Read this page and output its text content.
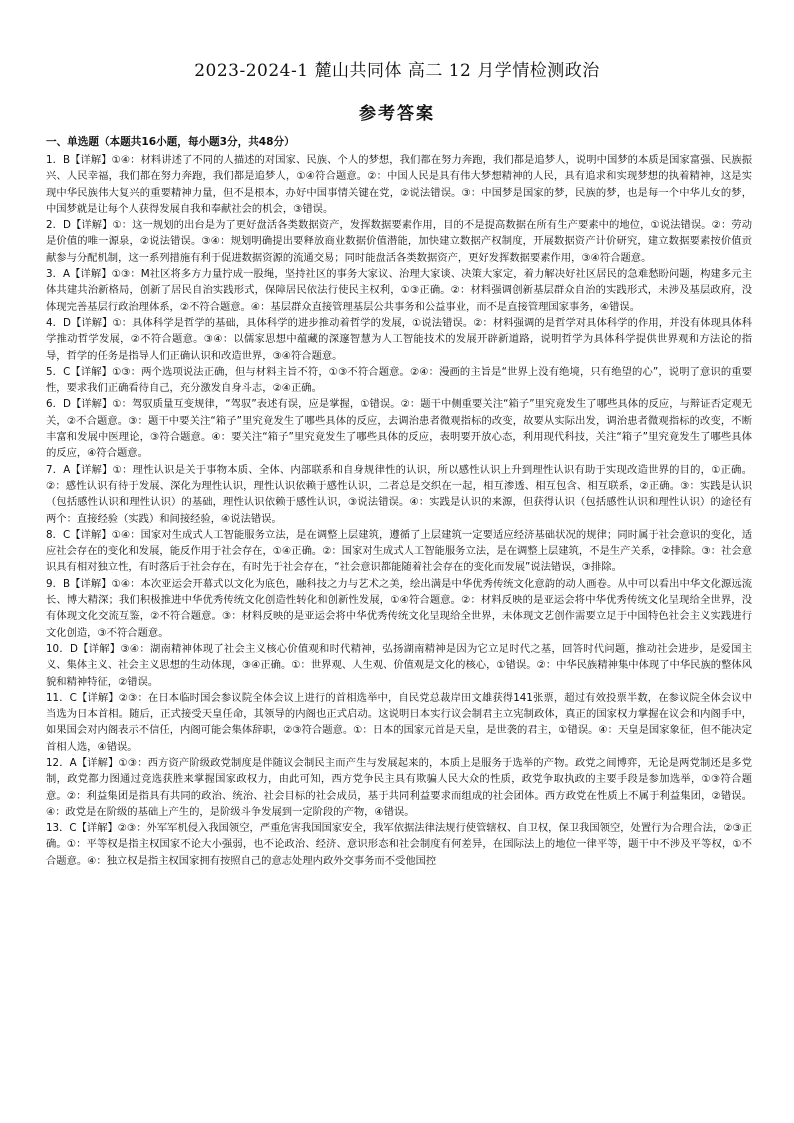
2023-2024-1 麓山共同体 高二 12 月学情检测政治
参考答案
一、单选题（本题共16小题，每小题3分，共48分）

1．B【详解】①④：材料讲述了不同的人描述的对国家、民族、个人的梦想，我们都在努力奔跑，我们都是追梦人，说明中国梦的本质是国家富强、民族振兴、人民幸福，我们都在努力奔跑，我们都是追梦人，①④符合题意。②：中国人民是具有伟大梦想精神的人民，具有追求和实现梦想的执着精神，这是实现中华民族伟大复兴的重要精神力量，但不是根本，办好中国事情关键在党，②说法错误。③：中国梦是国家的梦，民族的梦，也是每一个中华儿女的梦，中国梦就是让每个人获得发展自我和奉献社会的机会，③错误。

2．D【详解】①：这一规划的出台是为了更好盘活各类数据资产，发挥数据要素作用，目的不是提高数据在所有生产要素中的地位，①说法错误。②：劳动是价值的唯一源泉，②说法错误。③④：规划明确提出要释放商业数据价值潜能，加快建立数据产权制度，开展数据资产计价研究，建立数据要素按价值贡献参与分配机制，这一系列措施有利于促进数据资源的流通交易；同时能盘活各类数据资产，更好发挥数据要素作用，③④符合题意。

3．A【详解】①③：M社区将多方力量拧成一股绳，坚持社区的事务大家议、治理大家谈、决策大家定，着力解决好社区居民的急难愁盼问题，构建多元主体共建共治新格局，创新了居民自治实践形式，保障居民依法行使民主权利，①③正确。②：材料强调创新基层群众自治的实践形式，未涉及基层政府，没体现完善基层行政治理体系，②不符合题意。④：基层群众直接管理基层公共事务和公益事业，而不是直接管理国家事务，④错误。

4．D【详解】①：具体科学是哲学的基础，具体科学的进步推动着哲学的发展，①说法错误。②：材料强调的是哲学对具体科学的作用，并没有体现具体科学推动哲学发展，②不符合题意。③④：以儒家思想中蕴藏的深邃智慧为人工智能技术的发展开辟新道路，说明哲学为具体科学提供世界观和方法论的指导，哲学的任务是指导人们正确认识和改造世界，③④符合题意。

5．C【详解】①③：两个选项说法正确，但与材料主旨不符，①③不符合题意。②④：漫画的主旨是“世界上没有绝境，只有绝望的心”，说明了意识的重要性，要求我们正确看待自己，充分激发自身斗志，②④正确。

6．D【详解】①：驾驭质量互变规律，“驾驭”表述有误，应是掌握，①错误。②：题干中侧重要关注“箱子”里究竟发生了哪些具体的反应，与辩证否定观无关，②不合题意。③：题干中要关注“箱子”里究竟发生了哪些具体的反应，去调治患者微观指标的改变，故要从实际出发，调治患者微观指标的改变，不断丰富和发展中医理论，③符合题意。④：要关注“箱子”里究竟发生了哪些具体的反应，表明要开放心态，利用现代科技，关注“箱子”里究竟发生了哪些具体的反应，④符合题意。

7．A【详解】①：理性认识是关于事物本质、全体、内部联系和自身规律性的认识，所以感性认识上升到理性认识有助于实现改造世界的目的，①正确。②：感性认识有待于发展、深化为理性认识，理性认识依赖于感性认识，二者总是交织在一起，相互渗透、相互包含、相互联系，②正确。③：实践是认识（包括感性认识和理性认识）的基础，理性认识依赖于感性认识，③说法错误。④：实践是认识的来源，但获得认识（包括感性认识和理性认识）的途径有两个：直接经验（实践）和间接经验，④说法错误。

8．C【详解】①④：国家对生成式人工智能服务立法，是在调整上层建筑，遵循了上层建筑一定要适应经济基础状况的规律；同时属于社会意识的变化，适应社会存在的变化和发展，能反作用于社会存在，①④正确。②：国家对生成式人工智能服务立法，是在调整上层建筑，不是生产关系，②排除。③：社会意识具有相对独立性，有时落后于社会存在，有时先于社会存在，“社会意识都能随着社会存在的变化而发展”说法错误，③排除。

9．B【详解】①④：本次亚运会开幕式以文化为底色，融科技之力与艺术之美，绘出满是中华优秀传统文化意韵的动人画卷。从中可以看出中华文化源远流长、博大精深；我们积极推进中华优秀传统文化创造性转化和创新性发展，①④符合题意。②：材料反映的是亚运会将中华优秀传统文化呈现给全世界，没有体现文化交流互鉴，②不符合题意。③：材料反映的是亚运会将中华优秀传统文化呈现给全世界，未体现文艺创作需要立足于中国特色社会主义实践进行文化创造，③不符合题意。

10．D【详解】③④：湖南精神体现了社会主义核心价值观和时代精神，弘扬湖南精神是因为它立足时代之基，回答时代问题，推动社会进步，是爱国主义、集体主义、社会主义思想的生动体现，③④正确。①：世界观、人生观、价值观是文化的核心，①错误。②：中华民族精神集中体现了中华民族的整体风貌和精神特征，②错误。

11．C【详解】②③：在日本临时国会参议院全体会议上进行的首相选举中，自民党总裁岸田文雄获得141张票，超过有效投票半数，在参议院全体会议中当选为日本首相。随后，正式接受天皇任命，其领导的内阁也正式启动。这说明日本实行议会制君主立宪制政体，真正的国家权力掌握在议会和内阁手中，如果国会对内阁表示不信任，内阁可能会集体辞职，②③符合题意。①：日本的国家元首是天皇，是世袭的君主，①错误。④：天皇是国家象征，但不能决定首相人选，④错误。

12．A【详解】①③：西方资产阶级政党制度是伴随议会制民主而产生与发展起来的，本质上是服务于选举的产物。政党之间博弈，无论是两党制还是多党制，政党都力图通过竞选获胜来掌握国家政权力，由此可知，西方党争民主具有欺骗人民大众的性质，政党争取执政的主要手段是参加选举，①③符合题意。②：利益集团是指具有共同的政治、统治、社会目标的社会成员，基于共同利益要求而组成的社会团体。西方政党在性质上不属于利益集团，②错误。④：政党是在阶级的基础上产生的，是阶级斗争发展到一定阶段的产物，④错误。

13．C【详解】②③：外军军机侵入我国领空，严重危害我国国家安全，我军依据法律法规行使管辖权、自卫权，保卫我国领空，处置行为合理合法，②③正确。①：平等权是指主权国家不论大小强弱，也不论政治、经济、意识形态和社会制度有何差异，在国际法上的地位一律平等，题干中不涉及平等权，①不合题意。④：独立权是指主权国家拥有按照自己的意志处理内政外交事务而不受他国控
